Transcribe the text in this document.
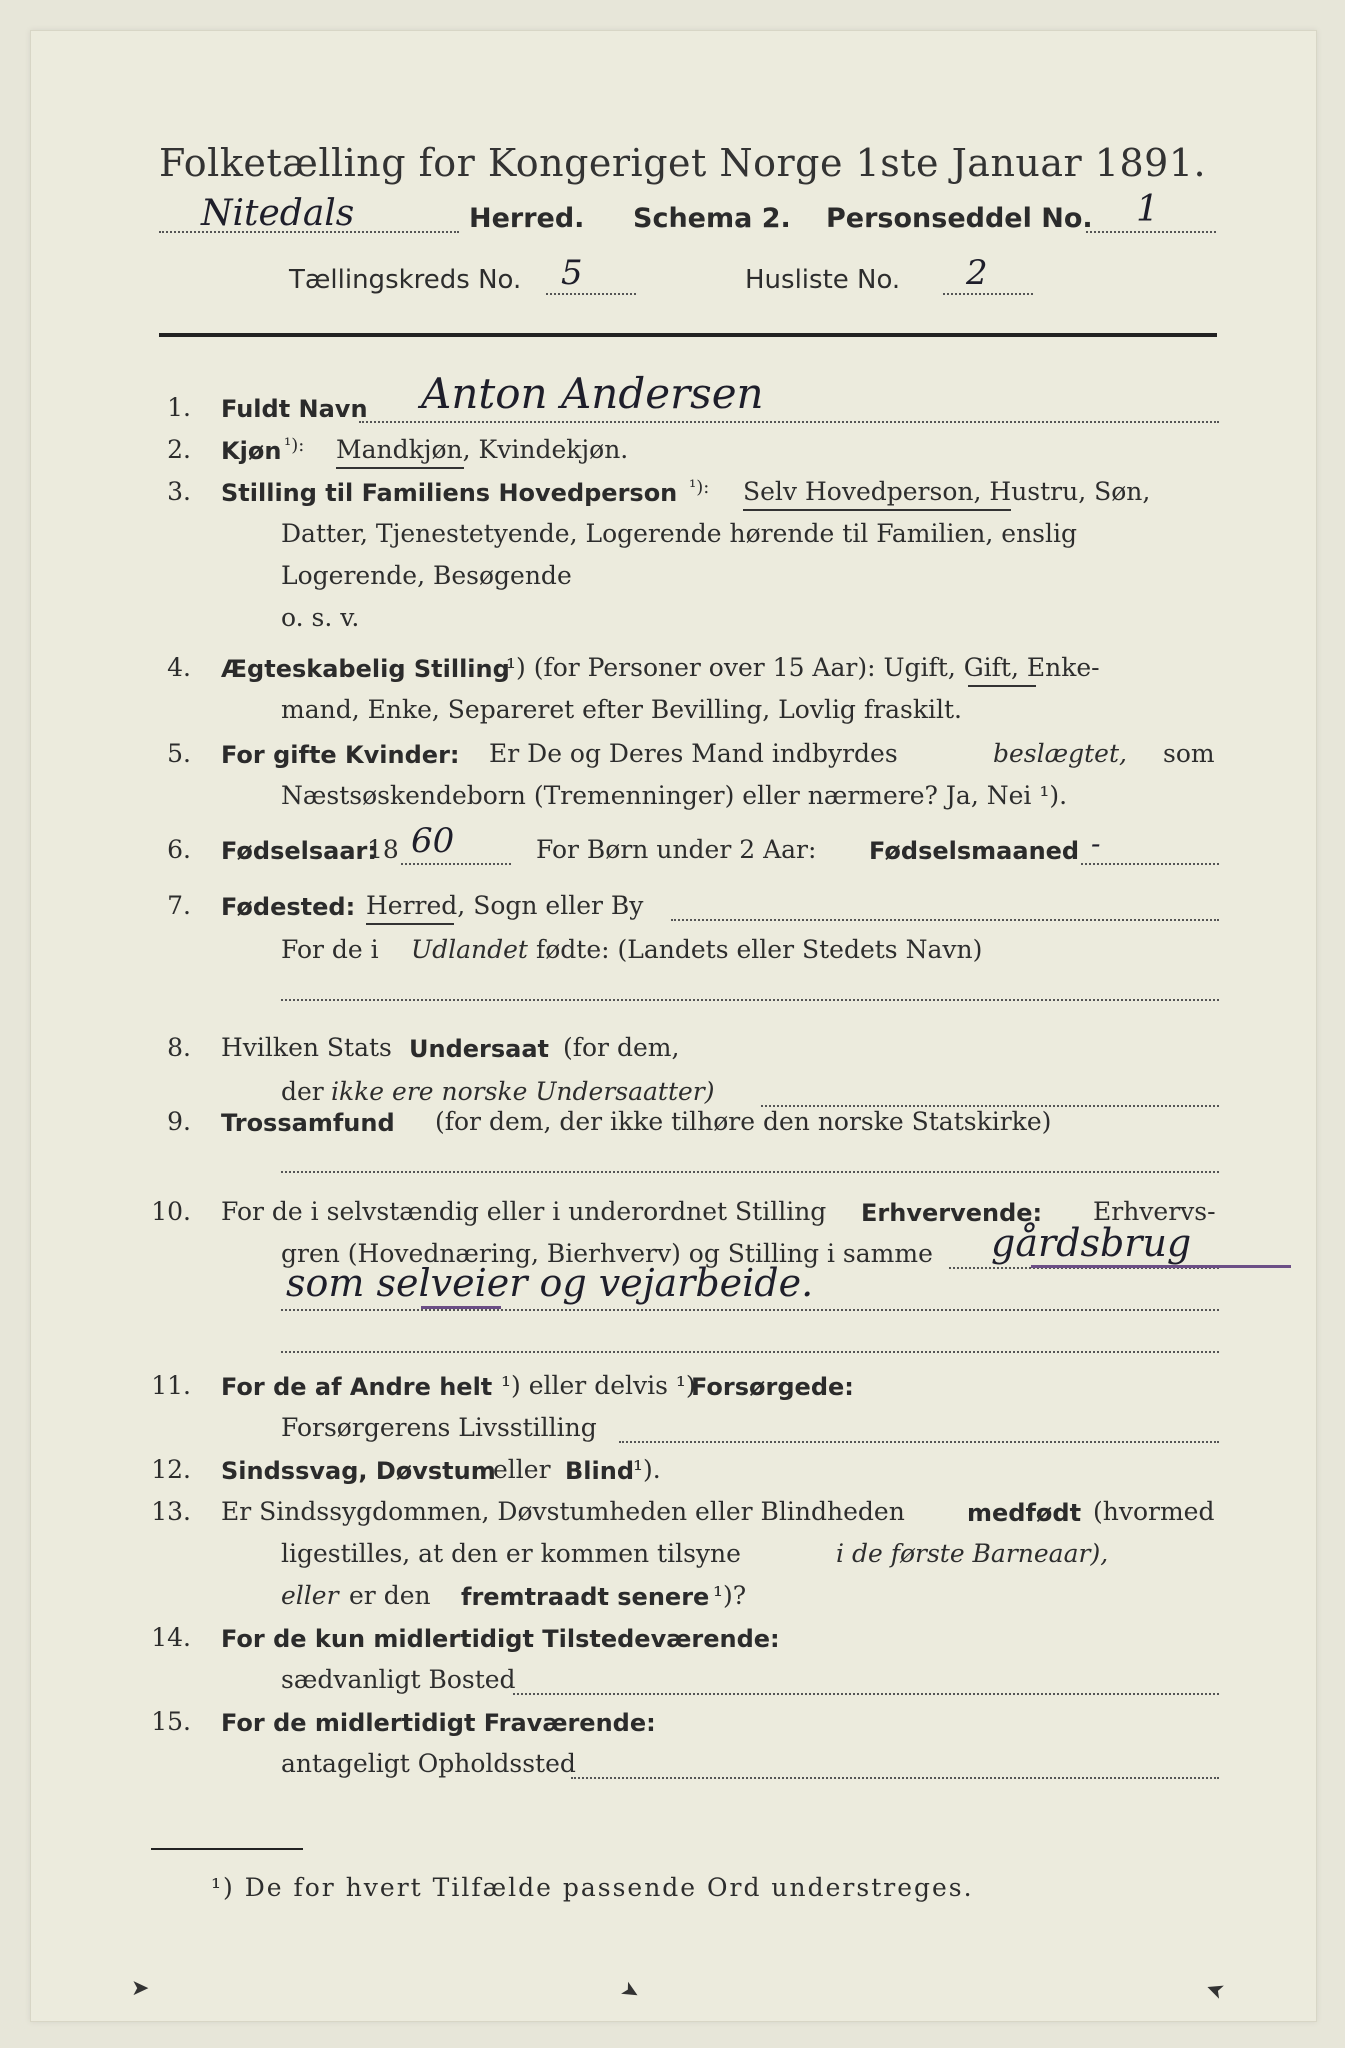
Folketælling for Kongeriget Norge 1ste Januar 1891.
Nitedals	Herred. Schema 2. Personseddel No. 1
Tællingskreds No. 5	Husliste No. 2
1. Fuldt Navn Anton Andersen
2. Kjøn ¹): Mandkjøn, Kvindekjøn.
3. Stilling til Familiens Hovedperson ¹): Selv Hovedperson, Hustru, Søn,
Datter, Tjenestetyende, Logerende hørende til Familien, enslig
Logerende, Besøgende
o. s. v.
4. Ægteskabelig Stilling
¹) (for Personer over 15 Aar): Ugift, Gift, Enke-
mand, Enke, Separeret efter Bevilling, Lovlig fraskilt.
5. For gifte Kvinder: Er De og Deres Mand indbyrdes	beslægtet, som
Næstsøskendeborn (Tremenninger) eller nærmere? Ja, Nei ¹).
6. Fødselsaar:
18 60	For Børn under 2 Aar: Fødselsmaaned -
7. Fødested: Herred, Sogn eller By
For de i Udlandet fødte: (Landets eller Stedets Navn)
8. Hvilken Stats Undersaat (for dem,
der ikke ere norske Undersaatter)
9. Trossamfund (for dem, der ikke tilhøre den norske Statskirke)
10. For de i selvstændig eller i underordnet Stilling Erhvervende: Erhvervs-
gren (Hovednæring, Bierhverv) og Stilling i samme gårdsbrug
som selveier og vejarbeide.
11. For de af Andre helt ¹) eller delvis ¹)
Forsørgede:
Forsørgerens Livsstilling
12. Sindssvag, Døvstum
eller Blind
¹).
13. Er Sindssygdommen, Døvstumheden eller Blindheden	medfødt (hvormed
ligestilles, at den er kommen tilsyne	i de første Barneaar),
eller er den fremtraadt senere ¹)?
14. For de kun midlertidigt Tilstedeværende:
sædvanligt Bosted
15. For de midlertidigt Fraværende:
antageligt Opholdssted
¹) De for hvert Tilfælde passende Ord understreges.
➤	➤	➤
